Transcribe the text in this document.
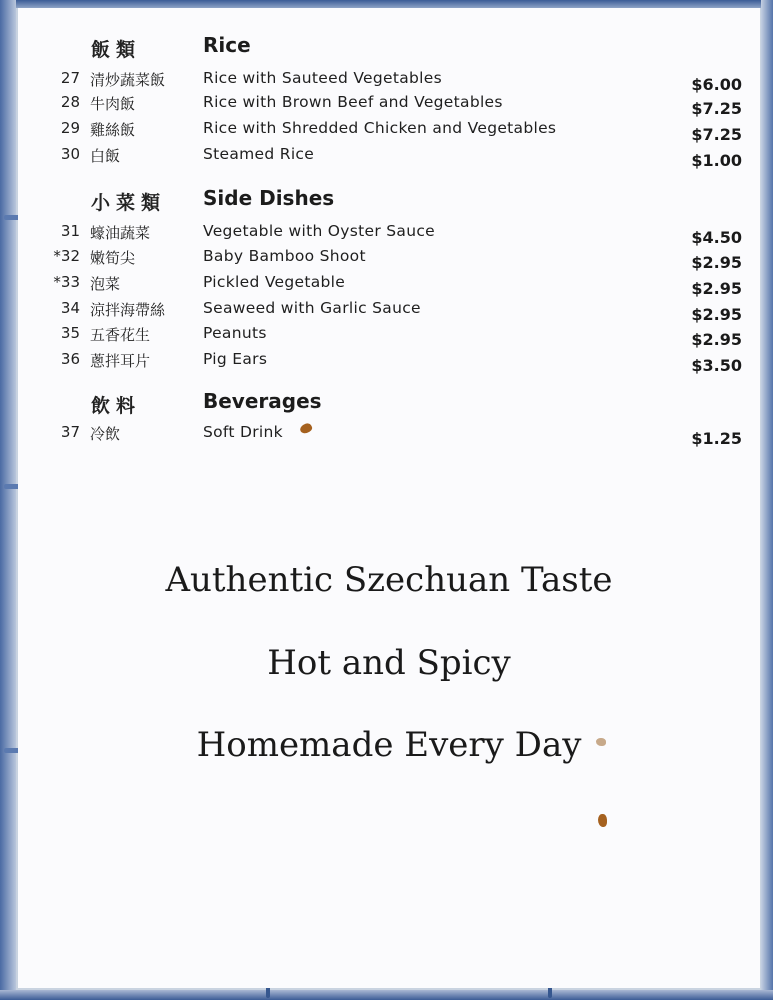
飯類	Rice
27 清炒蔬菜飯 Rice with Sauteed Vegetables	$6.00
28 牛肉飯	Rice with Brown Beef and Vegetables	$7.25
29 雞絲飯	Rice with Shredded Chicken and Vegetables	$7.25
30 白飯	Steamed Rice	$1.00
小菜類 Side Dishes
31 蠔油蔬菜	Vegetable with Oyster Sauce	$4.50
*32 嫩筍尖	Baby Bamboo Shoot	$2.95
*33 泡菜	Pickled Vegetable	$2.95
34 涼拌海帶絲 Seaweed with Garlic Sauce	$2.95
35 五香花生	Peanuts	$2.95
36 蔥拌耳片	Pig Ears	$3.50
飲料	Beverages
37 冷飲	Soft Drink	$1.25
Authentic Szechuan Taste
Hot and Spicy
Homemade Every Day
